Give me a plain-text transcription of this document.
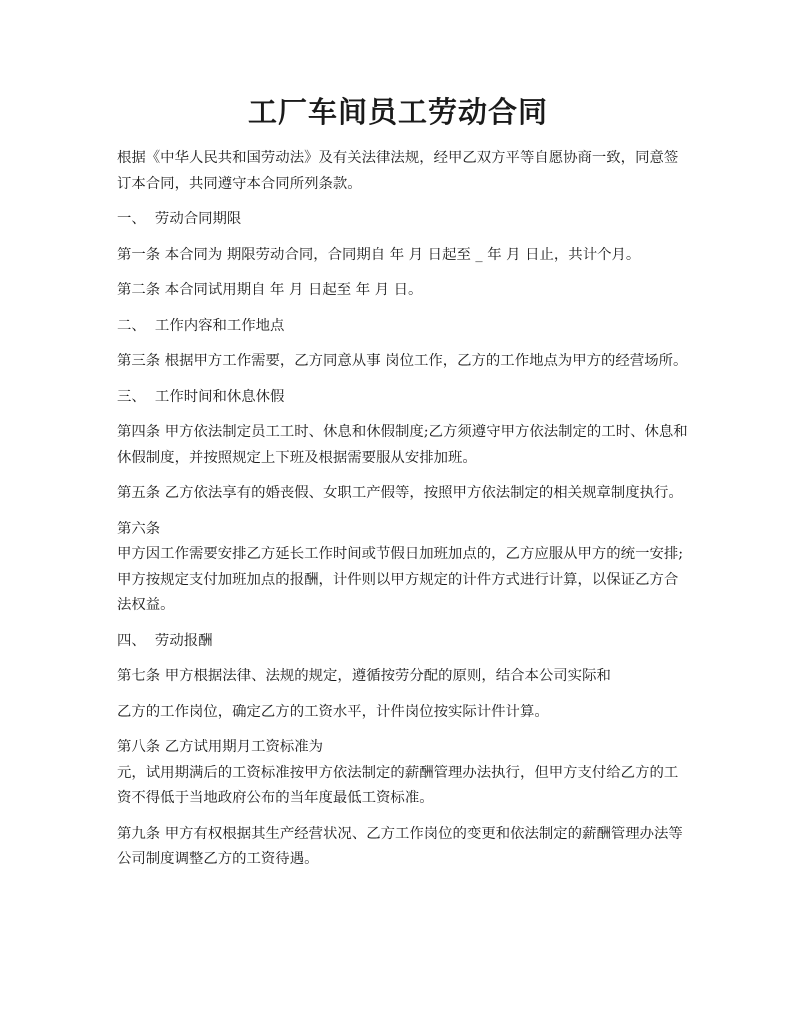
工厂车间员工劳动合同

根据《中华人民共和国劳动法》及有关法律法规，经甲乙双方平等自愿协商一致，同意签订本合同，共同遵守本合同所列条款。

一、  劳动合同期限

第一条 本合同为 期限劳动合同，合同期自 年 月 日起至 _ 年 月 日止，共计个月。

第二条 本合同试用期自 年 月 日起至 年 月 日。

二、  工作内容和工作地点

第三条 根据甲方工作需要，乙方同意从事 岗位工作，乙方的工作地点为甲方的经营场所。

三、  工作时间和休息休假

第四条 甲方依法制定员工工时、休息和休假制度;乙方须遵守甲方依法制定的工时、休息和休假制度，并按照规定上下班及根据需要服从安排加班。

第五条 乙方依法享有的婚丧假、女职工产假等，按照甲方依法制定的相关规章制度执行。

第六条

甲方因工作需要安排乙方延长工作时间或节假日加班加点的，乙方应服从甲方的统一安排;甲方按规定支付加班加点的报酬，计件则以甲方规定的计件方式进行计算，以保证乙方合法权益。

四、  劳动报酬

第七条 甲方根据法律、法规的规定，遵循按劳分配的原则，结合本公司实际和

乙方的工作岗位，确定乙方的工资水平，计件岗位按实际计件计算。

第八条 乙方试用期月工资标准为

元，试用期满后的工资标准按甲方依法制定的薪酬管理办法执行，但甲方支付给乙方的工资不得低于当地政府公布的当年度最低工资标准。

第九条 甲方有权根据其生产经营状况、乙方工作岗位的变更和依法制定的薪酬管理办法等公司制度调整乙方的工资待遇。
